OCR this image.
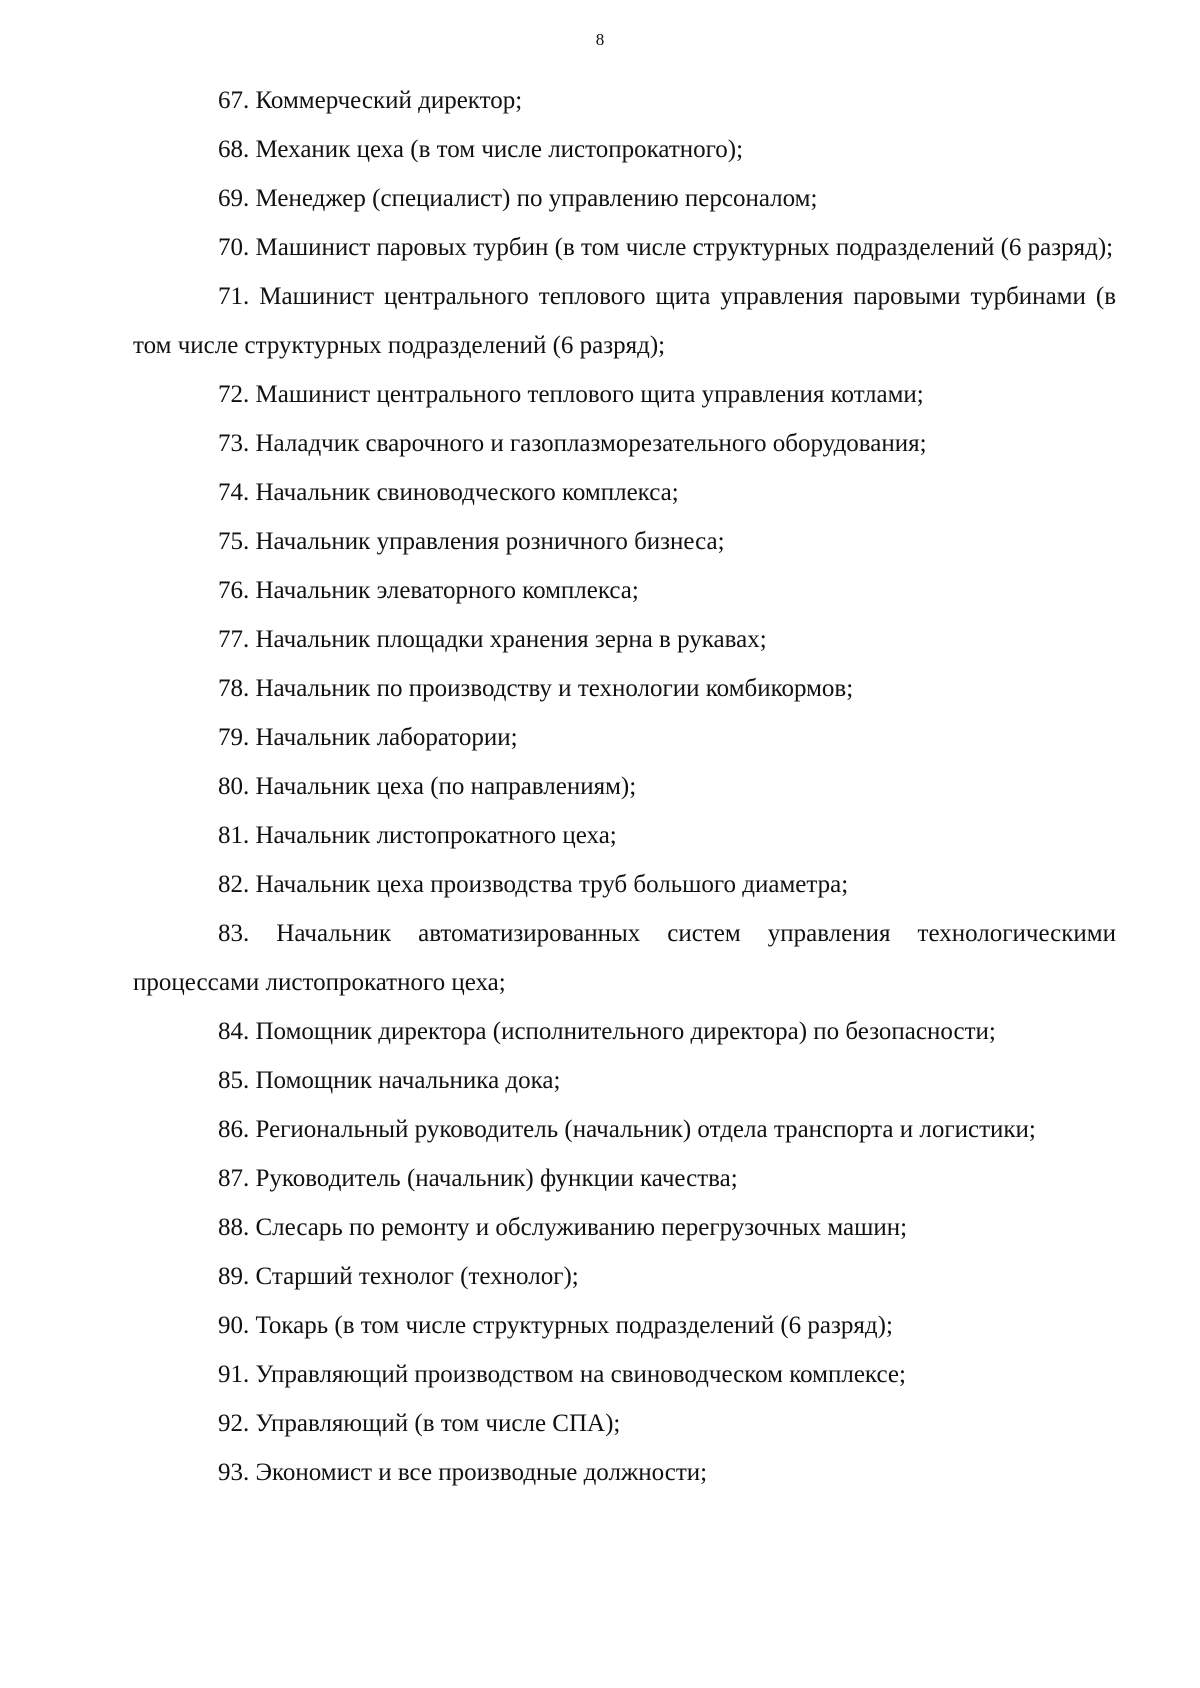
8

67. Коммерческий директор;

68. Механик цеха (в том числе листопрокатного);

69. Менеджер (специалист) по управлению персоналом;

70. Машинист паровых турбин (в том числе структурных подразделений (6 разряд);

71. Машинист центрального теплового щита управления паровыми турбинами (в том числе структурных подразделений (6 разряд);

72. Машинист центрального теплового щита управления котлами;

73. Наладчик сварочного и газоплазморезательного оборудования;

74. Начальник свиноводческого комплекса;

75. Начальник управления розничного бизнеса;

76. Начальник элеваторного комплекса;

77. Начальник площадки хранения зерна в рукавах;

78. Начальник по производству и технологии комбикормов;

79. Начальник лаборатории;

80. Начальник цеха (по направлениям);

81. Начальник листопрокатного цеха;

82. Начальник цеха производства труб большого диаметра;

83. Начальник автоматизированных систем управления технологическими процессами листопрокатного цеха;

84. Помощник директора (исполнительного директора) по безопасности;

85. Помощник начальника дока;

86. Региональный руководитель (начальник) отдела транспорта и логистики;

87. Руководитель (начальник) функции качества;

88. Слесарь по ремонту и обслуживанию перегрузочных машин;

89. Старший технолог (технолог);

90. Токарь (в том числе структурных подразделений (6 разряд);

91. Управляющий производством на свиноводческом комплексе;

92. Управляющий (в том числе СПА);

93. Экономист и все производные должности;
